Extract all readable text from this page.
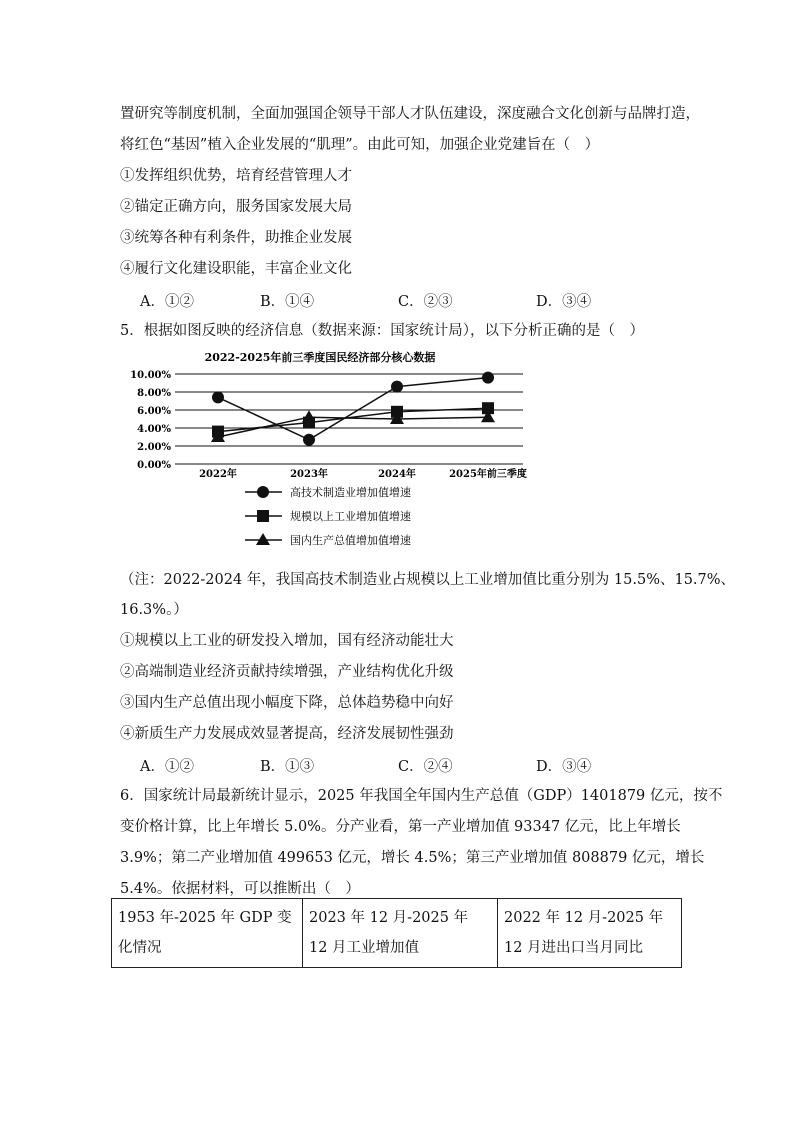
置研究等制度机制，全面加强国企领导干部人才队伍建设，深度融合文化创新与品牌打造，
将红色“基因”植入企业发展的“肌理”。由此可知，加强企业党建旨在（　）
①发挥组织优势，培育经营管理人才
②锚定正确方向，服务国家发展大局
③统筹各种有利条件，助推企业发展
④履行文化建设职能，丰富企业文化
A．①②	B．①④	C．②③	D．③④
5．根据如图反映的经济信息（数据来源：国家统计局），以下分析正确的是（　）
2022-2025年前三季度国民经济部分核心数据
0.00%
2.00%
4.00%
6.00%
8.00%
10.00%
2022年	2023年	2024年	2025年前三季度
高技术制造业增加值增速
规模以上工业增加值增速
国内生产总值增加值增速
（注：2022-2024 年，我国高技术制造业占规模以上工业增加值比重分别为 15.5%、15.7%、
16.3%。）
①规模以上工业的研发投入增加，国有经济动能壮大
②高端制造业经济贡献持续增强，产业结构优化升级
③国内生产总值出现小幅度下降，总体趋势稳中向好
④新质生产力发展成效显著提高，经济发展韧性强劲
A．①②	B．①③	C．②④	D．③④
6．国家统计局最新统计显示，2025 年我国全年国内生产总值（GDP）1401879 亿元，按不
变价格计算，比上年增长 5.0%。分产业看，第一产业增加值 93347 亿元，比上年增长
3.9%；第二产业增加值 499653 亿元，增长 4.5%；第三产业增加值 808879 亿元，增长
5.4%。依据材料，可以推断出（　）
1953 年-2025 年 GDP 变化情况	2023 年 12 月-2025 年 12 月工业增加值	2022 年 12 月-2025 年 12 月进出口当月同比
